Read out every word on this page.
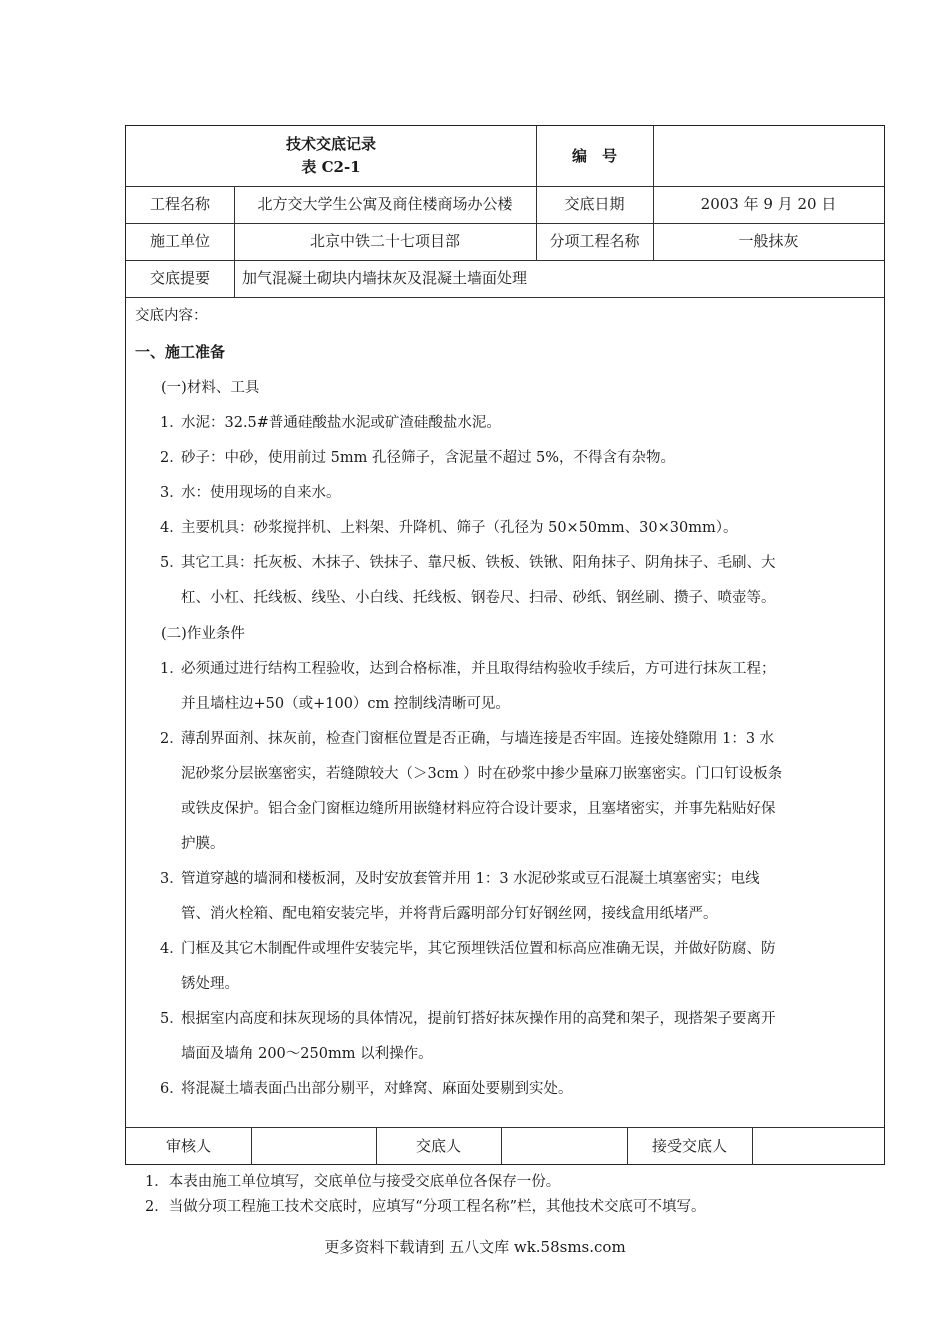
技术交底记录
表 C2-1
编　号
工程名称	北方交大学生公寓及商住楼商场办公楼	交底日期	2003 年 9 月 20 日
施工单位	北京中铁二十七项目部	分项工程名称	一般抹灰
交底提要	加气混凝土砌块内墙抹灰及混凝土墙面处理
交底内容：
一、施工准备
(一)材料、工具
1．
水泥：32.5#普通硅酸盐水泥或矿渣硅酸盐水泥。
2．
砂子：中砂，使用前过 5mm 孔径筛子，含泥量不超过 5%，不得含有杂物。
3．
水：使用现场的自来水。
4．
主要机具：砂浆搅拌机、上料架、升降机、筛子（孔径为 50×50mm、30×30mm）。
5．
其它工具：托灰板、木抹子、铁抹子、靠尺板、铁板、铁锹、阳角抹子、阴角抹子、毛刷、大
杠、小杠、托线板、线坠、小白线、托线板、钢卷尺、扫帚、砂纸、钢丝刷、攒子、喷壶等。
(二)作业条件
1．
必须通过进行结构工程验收，达到合格标准，并且取得结构验收手续后，方可进行抹灰工程；
并且墙柱边+50（或+100）cm 控制线清晰可见。
2．
薄刮界面剂、抹灰前，检查门窗框位置是否正确，与墙连接是否牢固。连接处缝隙用 1：3 水
泥砂浆分层嵌塞密实，若缝隙较大（＞3cm ）时在砂浆中掺少量麻刀嵌塞密实。门口钉设板条
或铁皮保护。铝合金门窗框边缝所用嵌缝材料应符合设计要求，且塞堵密实，并事先粘贴好保
护膜。
3．
管道穿越的墙洞和楼板洞，及时安放套管并用 1：3 水泥砂浆或豆石混凝土填塞密实；电线
管、消火栓箱、配电箱安装完毕，并将背后露明部分钉好钢丝网，接线盒用纸堵严。
4．
门框及其它木制配件或埋件安装完毕，其它预埋铁活位置和标高应准确无误，并做好防腐、防
锈处理。
5．
根据室内高度和抹灰现场的具体情况，提前钉搭好抹灰操作用的高凳和架子，现搭架子要离开
墙面及墙角 200～250mm 以利操作。
6．
将混凝土墙表面凸出部分剔平，对蜂窝、麻面处要剔到实处。
审核人	交底人	接受交底人
1．本表由施工单位填写，交底单位与接受交底单位各保存一份。
2．当做分项工程施工技术交底时，应填写“分项工程名称”栏，其他技术交底可不填写。
更多资料下载请到 五八文库 wk.58sms.com
